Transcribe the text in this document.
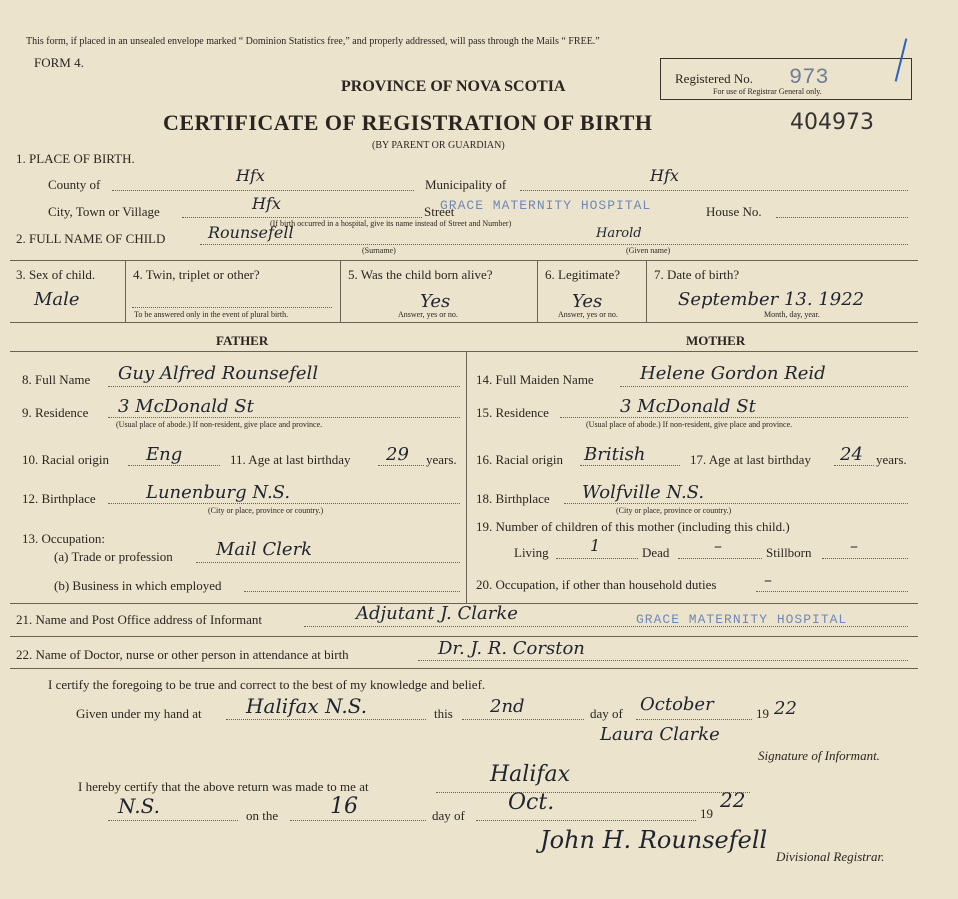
This form, if placed in an unsealed envelope marked “ Dominion Statistics free,” and properly addressed, will pass through the Mails “ FREE.”
FORM 4.
PROVINCE OF NOVA SCOTIA	Registered No. 973
For use of Registrar General only.
CERTIFICATE OF REGISTRATION OF BIRTH	404973
(BY PARENT OR GUARDIAN)
1. PLACE OF BIRTH.
County of	Hfx	Municipality of	Hfx
City, Town or Village	Hfx	Street
GRACE MATERNITY HOSPITAL	House No.
(If birth occurred in a hospital, give its name instead of Street and Number)
2. FULL NAME OF CHILD	Rounsefell
(Surname)
Harold
(Given name)
3. Sex of child.
Male
4. Twin, triplet or other?
To be answered only in the event of plural birth.
5. Was the child born alive?
Yes
Answer, yes or no.
6. Legitimate?
Yes
Answer, yes or no.
7. Date of birth?
September 13. 1922
Month, day, year.
FATHER	MOTHER
8. Full Name Guy Alfred Rounsefell
9. Residence 3 McDonald St
(Usual place of abode.) If non-resident, give place and province.
10. Racial origin Eng	11. Age at last birthday 29 years.
12. Birthplace	Lunenburg N.S.
(City or place, province or country.)
13. Occupation:
(a) Trade or profession Mail Clerk
(b) Business in which employed
14. Full Maiden Name	Helene Gordon Reid
15. Residence	3 McDonald St
(Usual place of abode.) If non-resident, give place and province.
16. Racial origin British	17. Age at last birthday 24 years.
18. Birthplace Wolfville N.S.
(City or place, province or country.)
19. Number of children of this mother (including this child.)
Living	1	Dead	–	Stillborn –
20. Occupation, if other than household duties	–
21. Name and Post Office address of Informant	Adjutant J. Clarke	GRACE MATERNITY HOSPITAL
22. Name of Doctor, nurse or other person in attendance at birth	Dr. J. R. Corston
I certify the foregoing to be true and correct to the best of my knowledge and belief.
Given under my hand at Halifax N.S.	this 2nd	day of October	19 22
Laura Clarke
Signature of Informant.
I hereby certify that the above return was made to me at	Halifax
N.S.	on the 16	day of
Oct.	19
22
John H. Rounsefell
Divisional Registrar.
